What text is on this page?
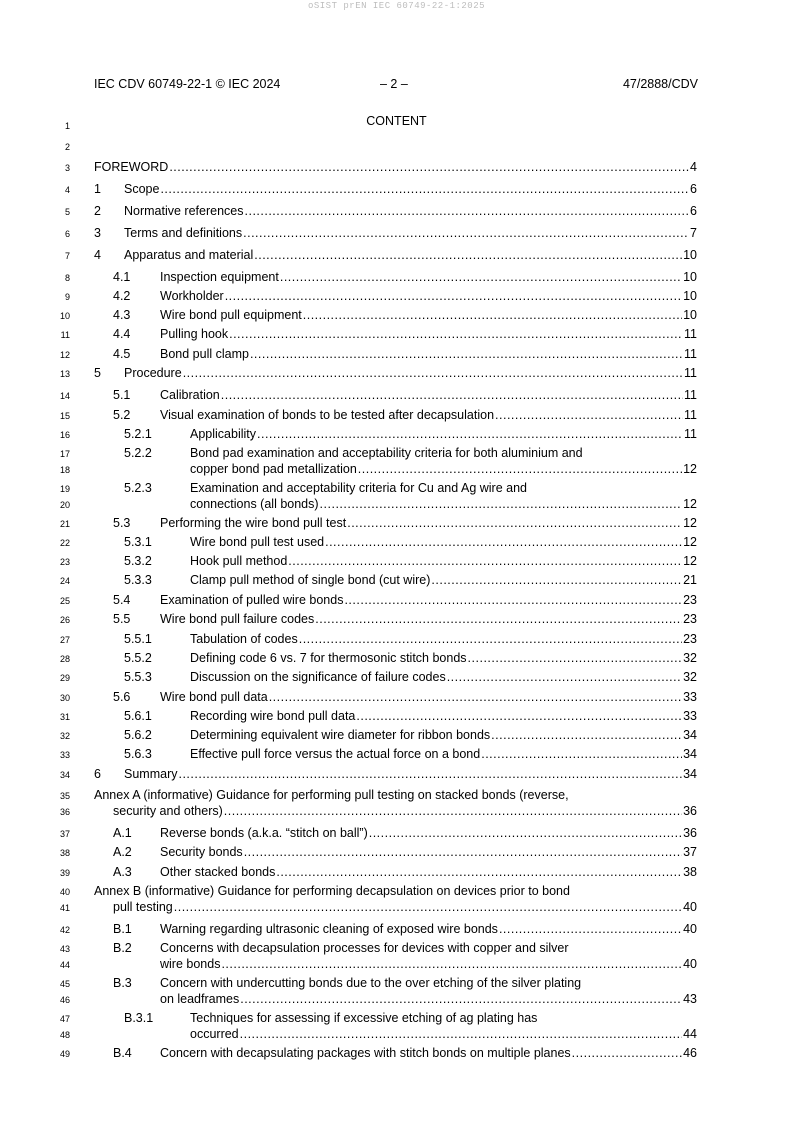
oSIST prEN IEC 60749-22-1:2025
IEC CDV 60749-22-1 © IEC 2024	– 2 –	47/2888/CDV
CONTENT
1
2
3
4
5
6
7
8
9
10
11
12
13
14
15
16
17
18
19
20
21
22
23
24
25
26
27
28
29
30
31
32
33
34
35
36
37
38
39
40
41
42
43
44
45
46
47
48
49
FOREWORD .....	4
1 Scope .....	6
2 Normative references .....	6
3 Terms and definitions .....	7
4 Apparatus and material .....	10
4.1 Inspection equipment .....	10
4.2 Workholder .....	10
4.3 Wire bond pull equipment .....	10
4.4 Pulling hook .....	11
4.5 Bond pull clamp .....	11
5 Procedure .....	11
5.1 Calibration .....	11
5.2 Visual examination of bonds to be tested after decapsulation .....	11
5.2.1	Applicability .....	11
5.2.2	Bond pad examination and acceptability criteria for both aluminium and
copper bond pad metallization .....	12
5.2.3	Examination and acceptability criteria for Cu and Ag wire and
connections (all bonds) .....	12
5.3 Performing the wire bond pull test .....	12
5.3.1	Wire bond pull test used .....	12
5.3.2	Hook pull method .....	12
5.3.3	Clamp pull method of single bond (cut wire) .....	21
5.4 Examination of pulled wire bonds .....	23
5.5 Wire bond pull failure codes .....	23
5.5.1	Tabulation of codes .....	23
5.5.2	Defining code 6 vs. 7 for thermosonic stitch bonds .....	32
5.5.3	Discussion on the significance of failure codes .....	32
5.6 Wire bond pull data .....	33
5.6.1	Recording wire bond pull data .....	33
5.6.2	Determining equivalent wire diameter for ribbon bonds .....	34
5.6.3	Effective pull force versus the actual force on a bond .....	34
6 Summary .....	34
Annex A (informative) Guidance for performing pull testing on stacked bonds (reverse,
security and others) .....	36
A.1 Reverse bonds (a.k.a. “stitch on ball”) .....	36
A.2 Security bonds .....	37
A.3 Other stacked bonds .....	38
Annex B (informative) Guidance for performing decapsulation on devices prior to bond
pull testing .....	40
B.1 Warning regarding ultrasonic cleaning of exposed wire bonds .....	40
B.2 Concerns with decapsulation processes for devices with copper and silver
wire bonds .....	40
B.3 Concern with undercutting bonds due to the over etching of the silver plating
on leadframes .....	43
B.3.1	Techniques for assessing if excessive etching of ag plating has
occurred .....	44
B.4 Concern with decapsulating packages with stitch bonds on multiple planes .....	46
